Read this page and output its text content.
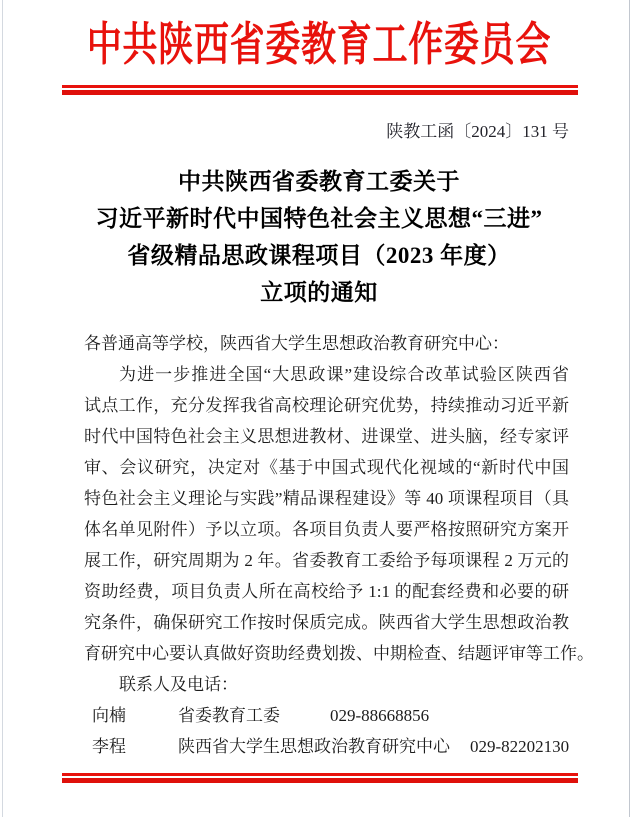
中共陕西省委教育工作委员会
陕教工函〔2024〕131 号
中共陕西省委教育工委关于
习近平新时代中国特色社会主义思想“三进”
省级精品思政课程项目（2023 年度）
立项的通知
各普通高等学校，陕西省大学生思想政治教育研究中心：
为进一步推进全国“大思政课”建设综合改革试验区陕西省
试点工作，充分发挥我省高校理论研究优势，持续推动习近平新
时代中国特色社会主义思想进教材、进课堂、进头脑，经专家评
审、会议研究，决定对《基于中国式现代化视域的“新时代中国
特色社会主义理论与实践”精品课程建设》等 40 项课程项目（具
体名单见附件）予以立项。各项目负责人要严格按照研究方案开
展工作，研究周期为 2 年。省委教育工委给予每项课程 2 万元的
资助经费，项目负责人所在高校给予 1:1 的配套经费和必要的研
究条件，确保研究工作按时保质完成。陕西省大学生思想政治教
育研究中心要认真做好资助经费划拨、中期检查、结题评审等工作。
联系人及电话：
向楠	省委教育工委	029-88668856
李程	陕西省大学生思想政治教育研究中心 029-82202130
